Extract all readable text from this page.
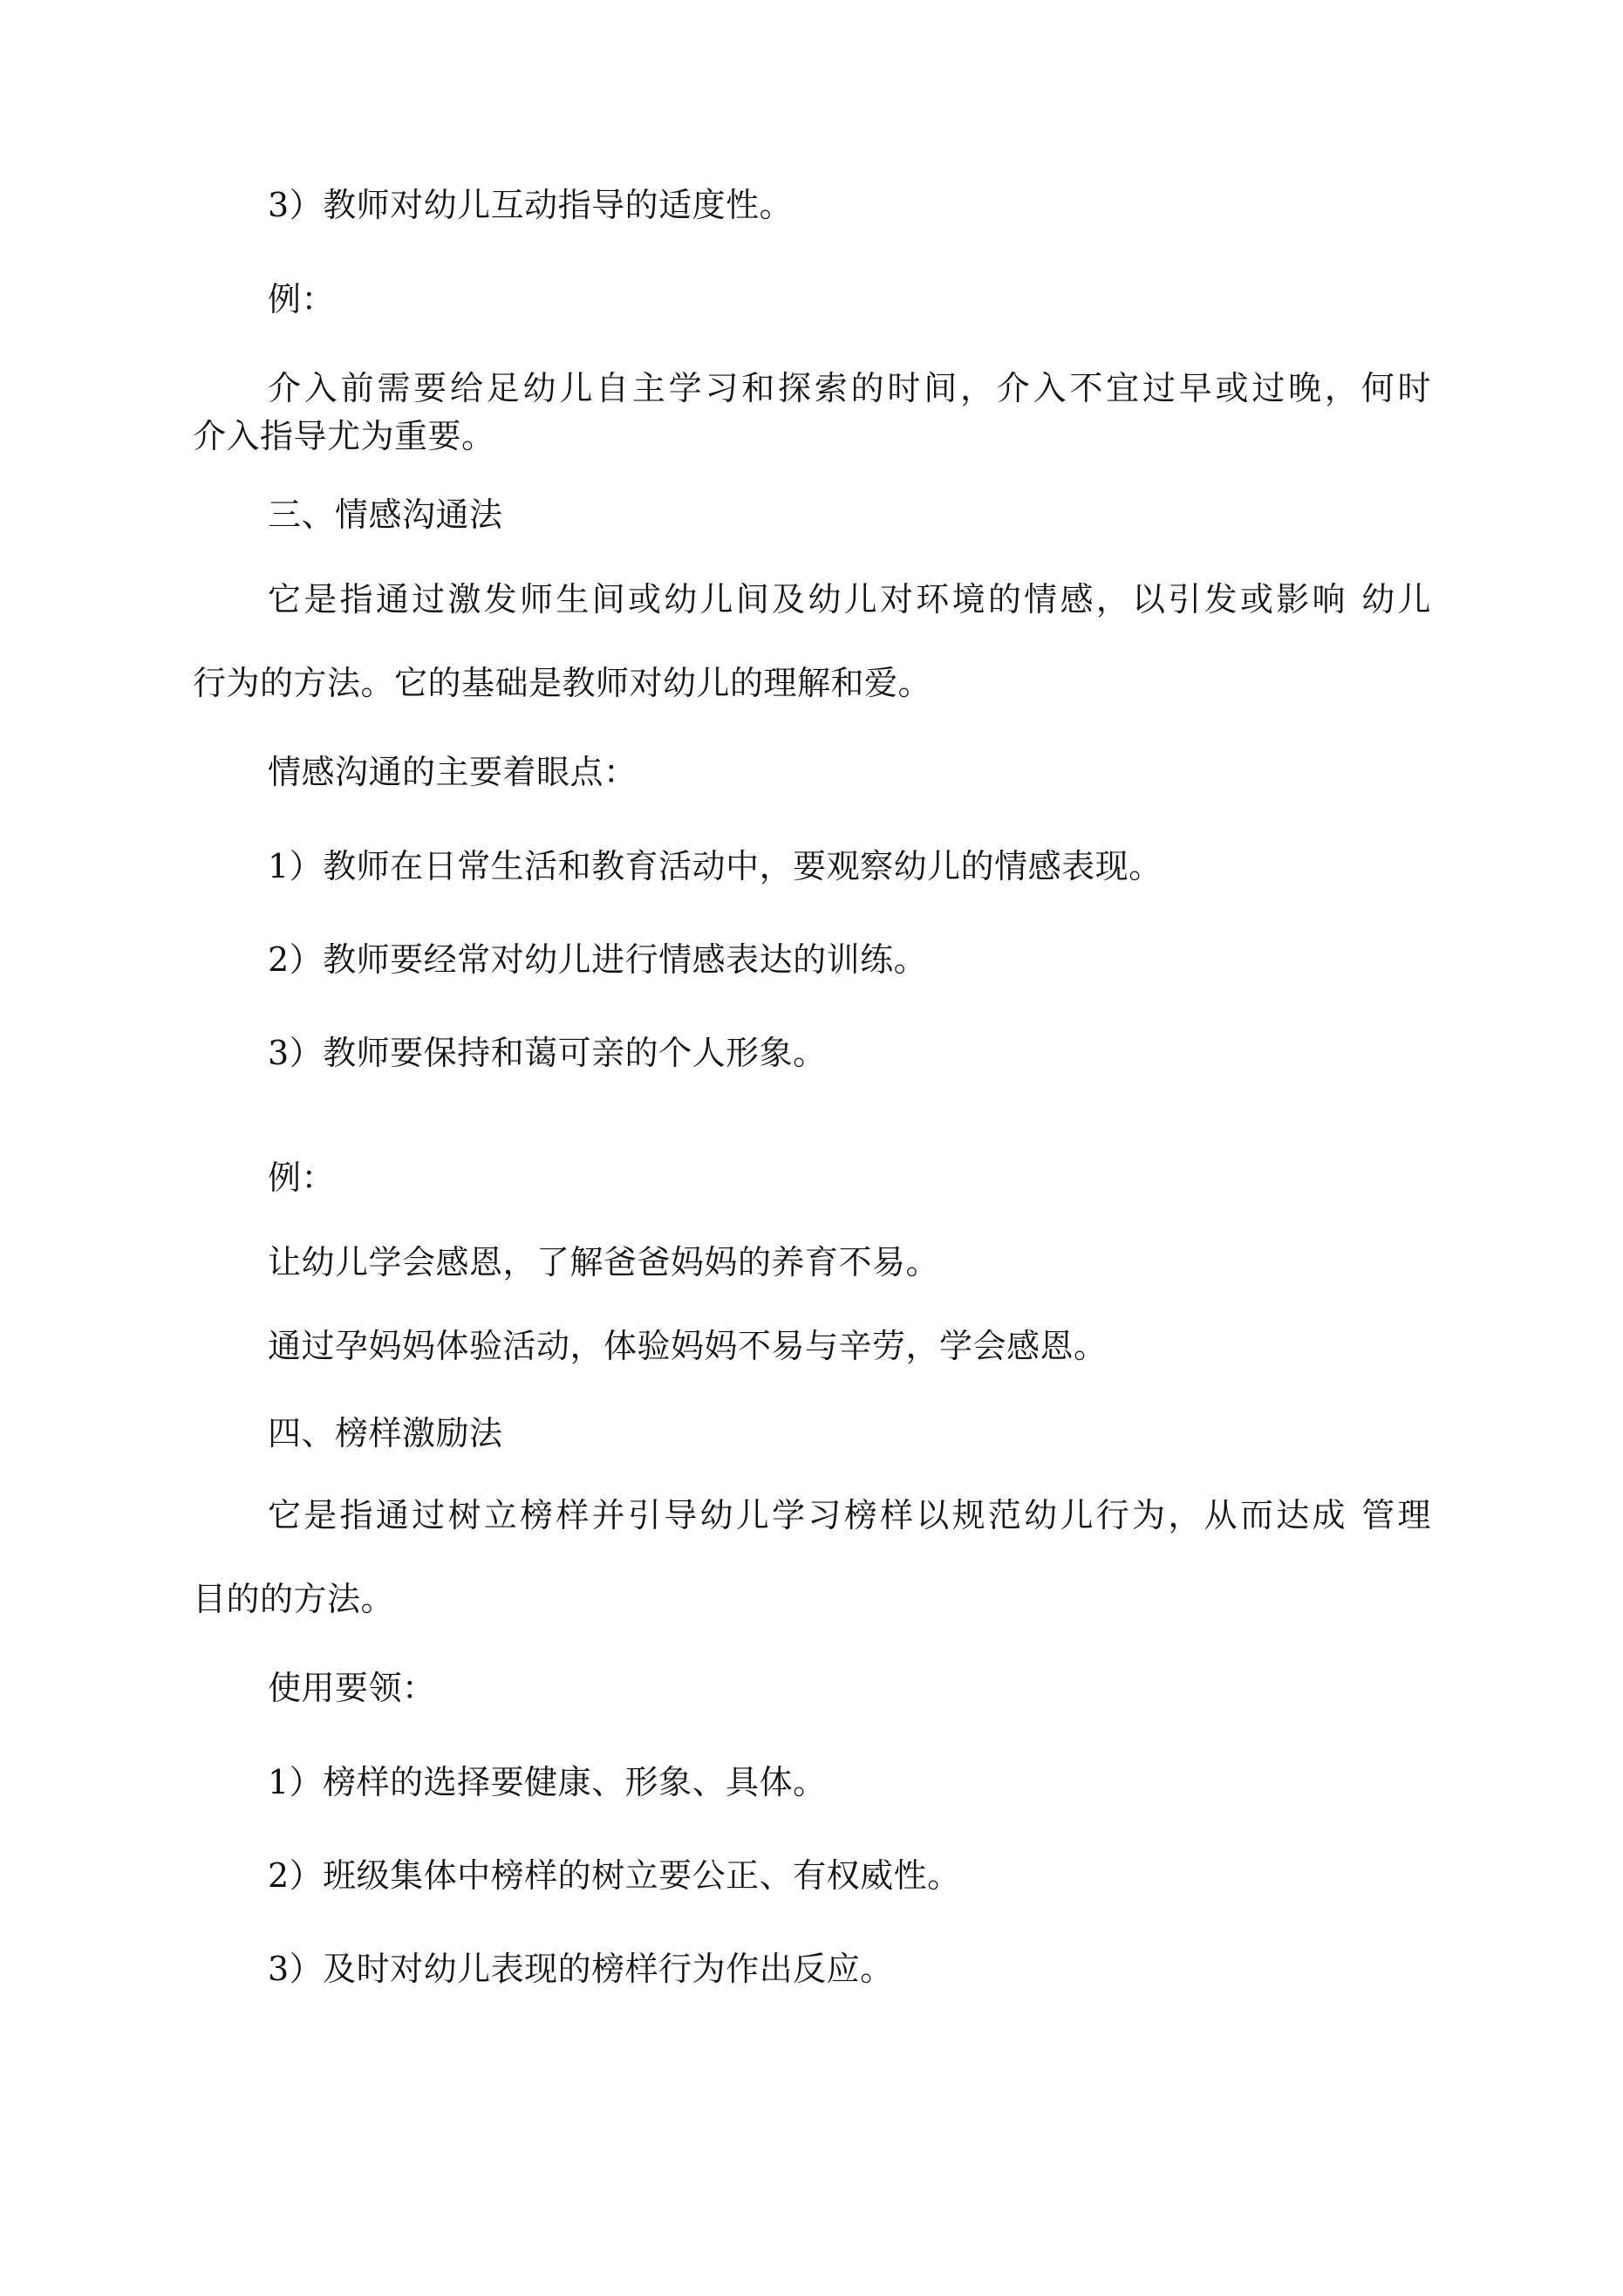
3）教师对幼儿互动指导的适度性。
例：
介入前需要给足幼儿自主学习和探索的时间，介入不宜过早或过晚，何时
介入指导尤为重要。
三、情感沟通法
它是指通过激发师生间或幼儿间及幼儿对环境的情感，以引发或影响 幼儿
行为的方法。它的基础是教师对幼儿的理解和爱。
情感沟通的主要着眼点：
1）教师在日常生活和教育活动中，要观察幼儿的情感表现。
2）教师要经常对幼儿进行情感表达的训练。
3）教师要保持和蔼可亲的个人形象。
例：
让幼儿学会感恩，了解爸爸妈妈的养育不易。
通过孕妈妈体验活动，体验妈妈不易与辛劳，学会感恩。
四、榜样激励法
它是指通过树立榜样并引导幼儿学习榜样以规范幼儿行为，从而达成 管理
目的的方法。
使用要领：
1）榜样的选择要健康、形象、具体。
2）班级集体中榜样的树立要公正、有权威性。
3）及时对幼儿表现的榜样行为作出反应。
